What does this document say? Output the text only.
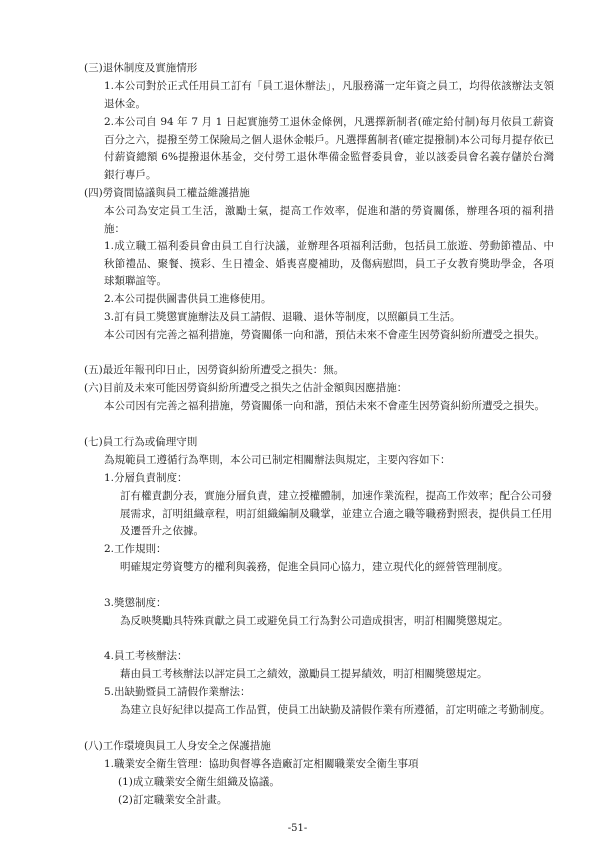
(三)退休制度及實施情形

1.本公司對於正式任用員工訂有「員工退休辦法」，凡服務滿一定年資之員工，均得依該辦法支領退休金。

2.本公司自 94 年 7 月 1 日起實施勞工退休金條例，凡選擇新制者(確定給付制)每月依員工薪資百分之六，提撥至勞工保險局之個人退休金帳戶。凡選擇舊制者(確定提撥制)本公司每月提存依已付薪資總額 6%提撥退休基金，交付勞工退休準備金監督委員會，並以該委員會名義存儲於台灣銀行專戶。

(四)勞資間協議與員工權益維護措施

本公司為安定員工生活，激勵士氣，提高工作效率，促進和諧的勞資關係，辦理各項的福利措施：

1.成立職工福利委員會由員工自行決議，並辦理各項福利活動，包括員工旅遊、勞動節禮品、中秋節禮品、聚餐、摸彩、生日禮金、婚喪喜慶補助，及傷病慰問，員工子女教育獎助學金，各項球類聯誼等。

2.本公司提供圖書供員工進修使用。

3.訂有員工獎懲實施辦法及員工請假、退職、退休等制度，以照顧員工生活。

本公司因有完善之福利措施，勞資關係一向和諧，預估未來不會產生因勞資糾紛所遭受之損失。

(五)最近年報刊印日止，因勞資糾紛所遭受之損失：無。

(六)目前及未來可能因勞資糾紛所遭受之損失之估計金額與因應措施：

本公司因有完善之福利措施，勞資關係一向和諧，預估未來不會產生因勞資糾紛所遭受之損失。

(七)員工行為或倫理守則

為規範員工遵循行為準則，本公司已制定相關辦法與規定，主要內容如下：

1.分層負責制度：

訂有權責劃分表，實施分層負責，建立授權體制，加速作業流程，提高工作效率；配合公司發展需求，訂明組織章程，明訂組織編制及職掌，並建立合適之職等職務對照表，提供員工任用及遷晉升之依據。

2.工作規則：

明確規定勞資雙方的權利與義務，促進全員同心協力，建立現代化的經營管理制度。

3.獎懲制度：

為反映獎勵具特殊貢獻之員工或避免員工行為對公司造成損害，明訂相關獎懲規定。

4.員工考核辦法：

藉由員工考核辦法以評定員工之績效，激勵員工提昇績效，明訂相關獎懲規定。

5.出缺勤暨員工請假作業辦法：

為建立良好紀律以提高工作品質，使員工出缺勤及請假作業有所遵循，訂定明確之考勤制度。

(八)工作環境與員工人身安全之保護措施

1.職業安全衛生管理：協助與督導各造廠訂定相關職業安全衛生事項

(1)成立職業安全衛生組織及協議。

(2)訂定職業安全計畫。

-51-
